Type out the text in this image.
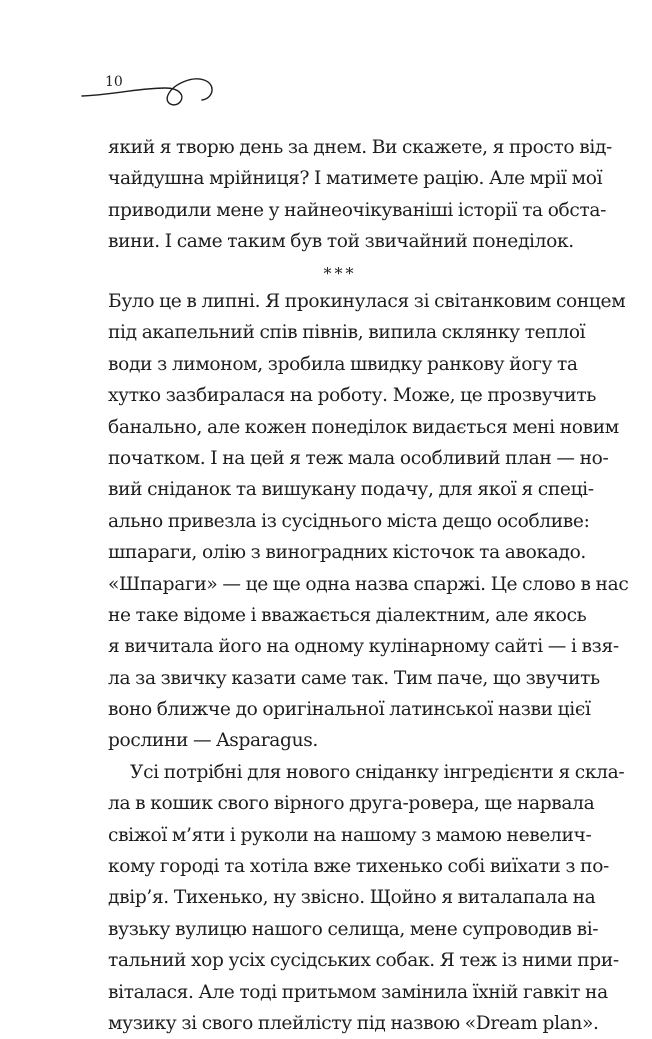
10
який я творю день за днем. Ви скажете, я просто від-
чайдушна мрійниця? І матимете рацію. Але мрії мої
приводили мене у найнеочікуваніші історії та обста-
вини. І саме таким був той звичайний понеділок.
***
Було це в липні. Я прокинулася зі світанковим сонцем
під акапельний спів півнів, випила склянку теплої
води з лимоном, зробила швидку ранкову йогу та
хутко зазбиралася на роботу. Може, це прозвучить
банально, але кожен понеділок видається мені новим
початком. І на цей я теж мала особливий план — но-
вий сніданок та вишукану подачу, для якої я спеці-
ально привезла із сусіднього міста дещо особливе:
шпараги, олію з виноградних кісточок та авокадо.
«Шпараги» — це ще одна назва спаржі. Це слово в нас
не таке відоме і вважається діалектним, але якось
я вичитала його на одному кулінарному сайті — і взя-
ла за звичку казати саме так. Тим паче, що звучить
воно ближче до оригінальної латинської назви цієї
рослини — Asparagus.
Усі потрібні для нового сніданку інгредієнти я скла-
ла в кошик свого вірного друга-ровера, ще нарвала
свіжої м’яти і руколи на нашому з мамою невелич-
кому городі та хотіла вже тихенько собі виїхати з по-
двір’я. Тихенько, ну звісно. Щойно я виталапала на
вузьку вулицю нашого селища, мене супроводив ві-
тальний хор усіх сусідських собак. Я теж із ними при-
віталася. Але тоді притьмом замінила їхній гавкіт на
музику зі свого плейлісту під назвою «Dream plan».
